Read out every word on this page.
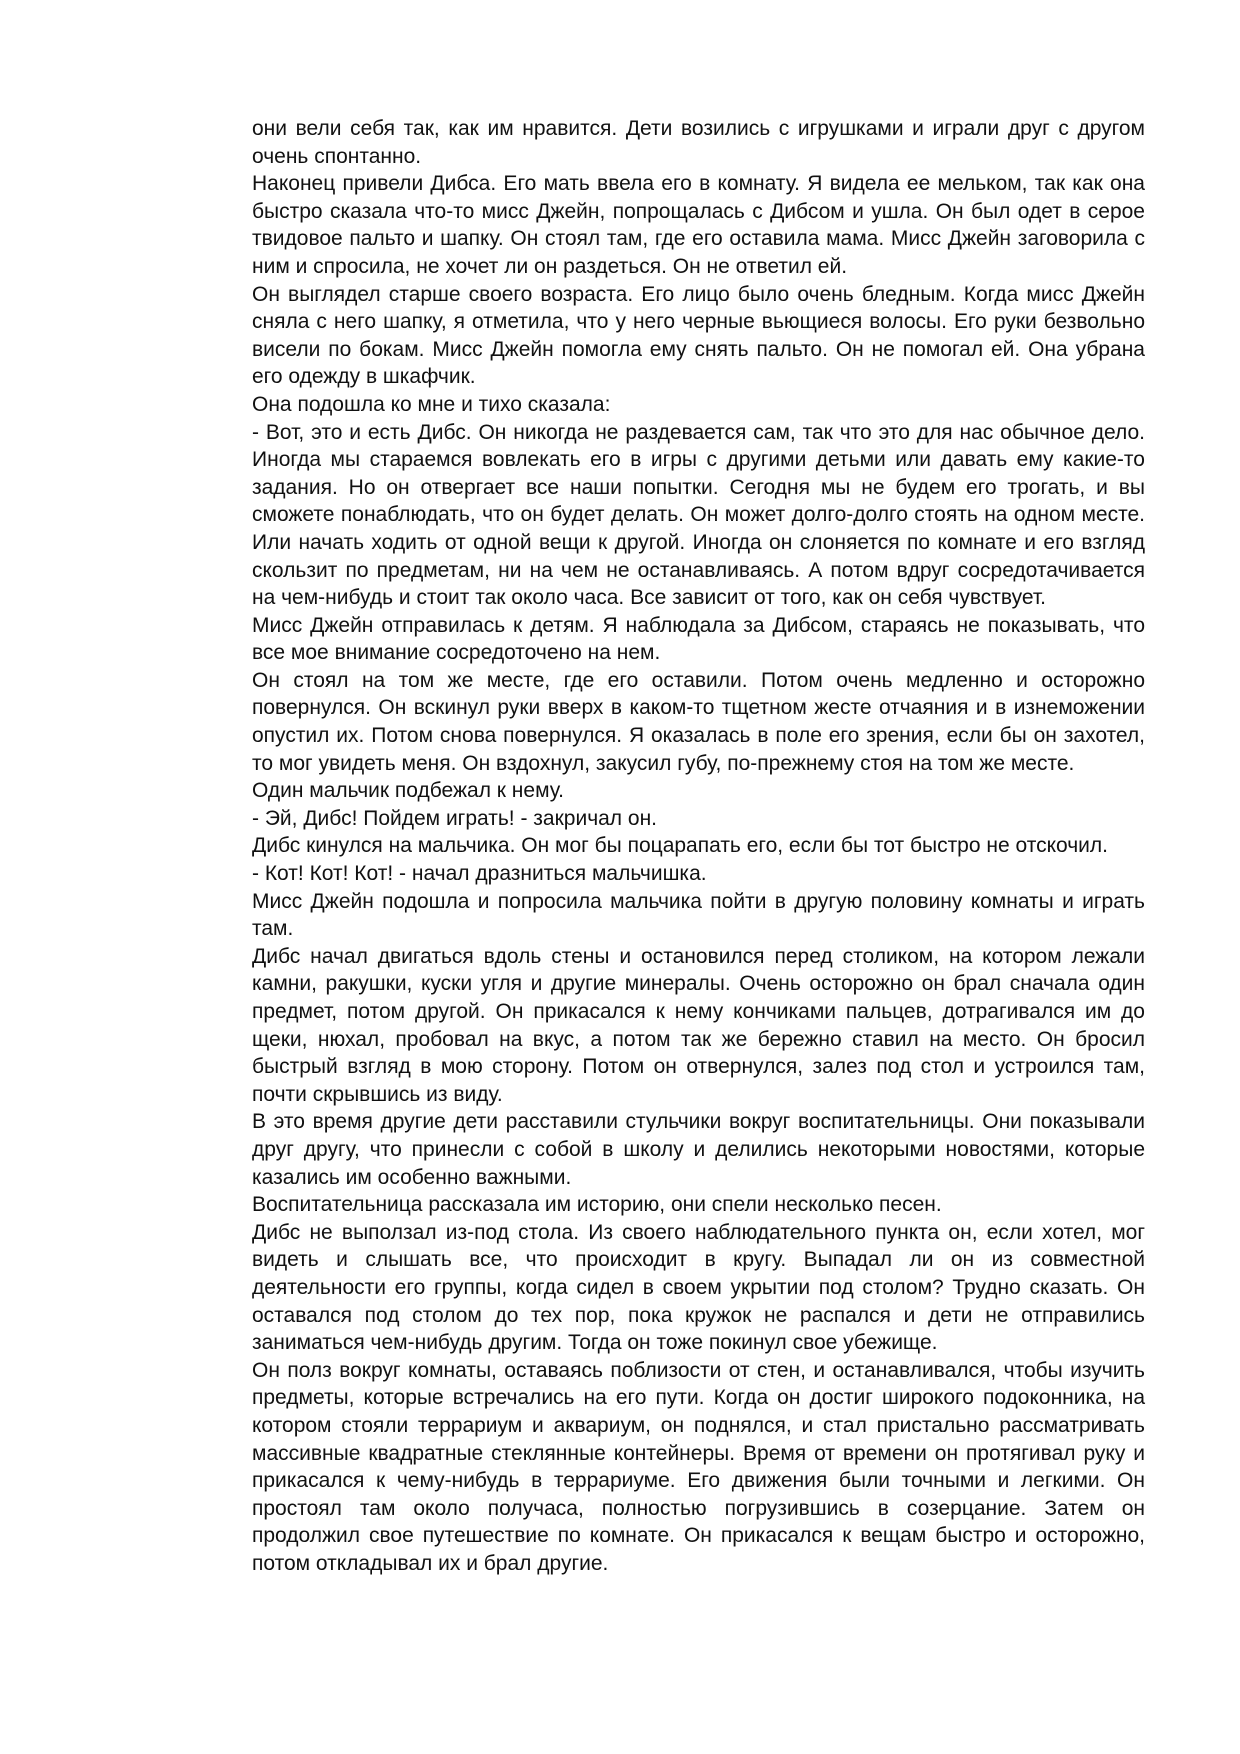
они вели себя так, как им нравится. Дети возились с игрушками и играли друг с другом очень спонтанно.

Наконец привели Дибса. Его мать ввела его в комнату. Я видела ее мельком, так как она быстро сказала что-то мисс Джейн, попрощалась с Дибсом и ушла. Он был одет в серое твидовое пальто и шапку. Он стоял там, где его оставила мама. Мисс Джейн заговорила с ним и спросила, не хочет ли он раздеться. Он не ответил ей.

Он выглядел старше своего возраста. Его лицо было очень бледным. Когда мисс Джейн сняла с него шапку, я отметила, что у него черные вьющиеся волосы. Его руки безвольно висели по бокам. Мисс Джейн помогла ему снять пальто. Он не помогал ей. Она убрана его одежду в шкафчик.

Она подошла ко мне и тихо сказала:

- Вот, это и есть Дибс. Он никогда не раздевается сам, так что это для нас обычное дело. Иногда мы стараемся вовлекать его в игры с другими детьми или давать ему какие-то задания. Но он отвергает все наши попытки. Сегодня мы не будем его трогать, и вы сможете понаблюдать, что он будет делать. Он может долго-долго стоять на одном месте. Или начать ходить от одной вещи к другой. Иногда он слоняется по комнате и его взгляд скользит по предметам, ни на чем не останавливаясь. А потом вдруг сосредотачивается на чем-нибудь и стоит так около часа. Все зависит от того, как он себя чувствует.

Мисс Джейн отправилась к детям. Я наблюдала за Дибсом, стараясь не показывать, что все мое внимание сосредоточено на нем.

Он стоял на том же месте, где его оставили. Потом очень медленно и осторожно повернулся. Он вскинул руки вверх в каком-то тщетном жесте отчаяния и в изнеможении опустил их. Потом снова повернулся. Я оказалась в поле его зрения, если бы он захотел, то мог увидеть меня. Он вздохнул, закусил губу, по-прежнему стоя на том же месте.

Один мальчик подбежал к нему.

- Эй, Дибс! Пойдем играть! - закричал он.

Дибс кинулся на мальчика. Он мог бы поцарапать его, если бы тот быстро не отскочил.

- Кот! Кот! Кот! - начал дразниться мальчишка.

Мисс Джейн подошла и попросила мальчика пойти в другую половину комнаты и играть там.

Дибс начал двигаться вдоль стены и остановился перед столиком, на котором лежали камни, ракушки, куски угля и другие минералы. Очень осторожно он брал сначала один предмет, потом другой. Он прикасался к нему кончиками пальцев, дотрагивался им до щеки, нюхал, пробовал на вкус, а потом так же бережно ставил на место. Он бросил быстрый взгляд в мою сторону. Потом он отвернулся, залез под стол и устроился там, почти скрывшись из виду.

В это время другие дети расставили стульчики вокруг воспитательницы. Они показывали друг другу, что принесли с собой в школу и делились некоторыми новостями, которые казались им особенно важными.

Воспитательница рассказала им историю, они спели несколько песен.

Дибс не выползал из-под стола. Из своего наблюдательного пункта он, если хотел, мог видеть и слышать все, что происходит в кругу. Выпадал ли он из совместной деятельности его группы, когда сидел в своем укрытии под столом? Трудно сказать. Он оставался под столом до тех пор, пока кружок не распался и дети не отправились заниматься чем-нибудь другим. Тогда он тоже покинул свое убежище.

Он полз вокруг комнаты, оставаясь поблизости от стен, и останавливался, чтобы изучить предметы, которые встречались на его пути. Когда он достиг широкого подоконника, на котором стояли террариум и аквариум, он поднялся, и стал пристально рассматривать массивные квадратные стеклянные контейнеры. Время от времени он протягивал руку и прикасался к чему-нибудь в террариуме. Его движения были точными и легкими. Он простоял там около получаса, полностью погрузившись в созерцание. Затем он продолжил свое путешествие по комнате. Он прикасался к вещам быстро и осторожно, потом откладывал их и брал другие.
